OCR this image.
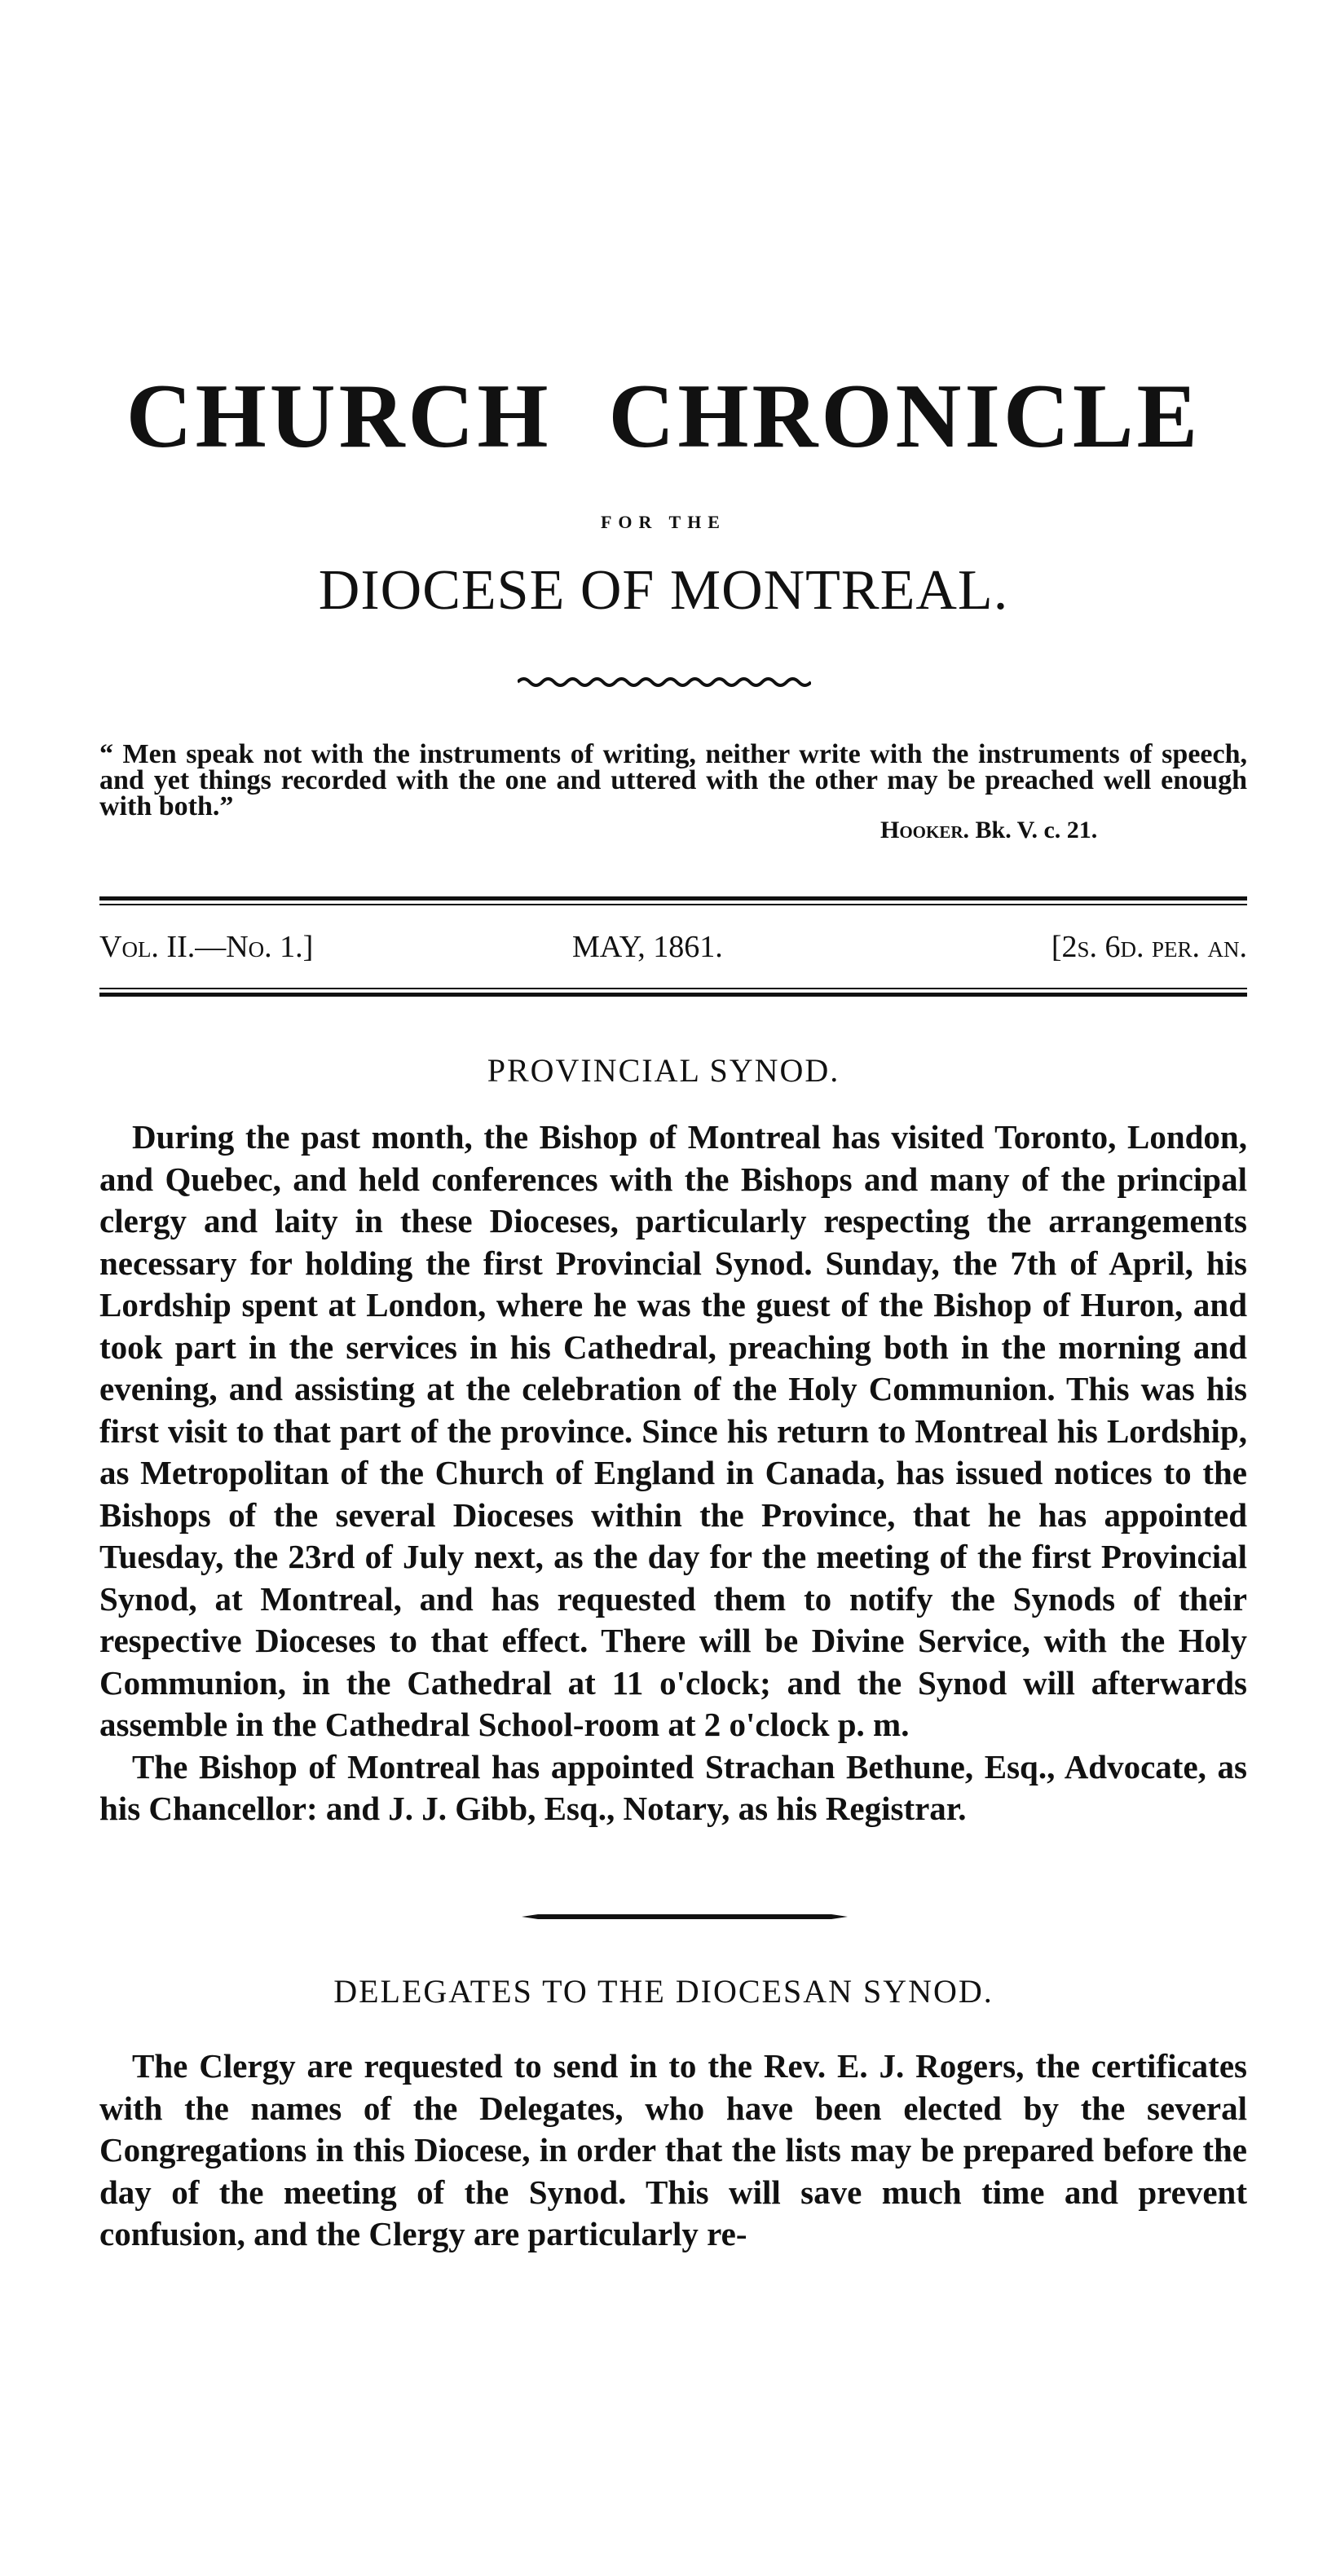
CHURCH CHRONICLE
FOR THE
DIOCESE OF MONTREAL.

“ Men speak not with the instruments of writing, neither write with the instruments of speech, and yet things recorded with the one and uttered with the other may be preached well enough with both.”

Hooker. Bk. V. c. 21.
Vol. II.—No. 1.]	MAY, 1861.	[2s. 6d. per. an.
PROVINCIAL SYNOD.

During the past month, the Bishop of Montreal has visited Toronto, London, and Quebec, and held conferences with the Bishops and many of the principal clergy and laity in these Dioceses, particularly respecting the arrangements necessary for holding the first Provincial Synod. Sunday, the 7th of April, his Lordship spent at London, where he was the guest of the Bishop of Huron, and took part in the services in his Cathedral, preaching both in the morning and evening, and assisting at the celebration of the Holy Communion. This was his first visit to that part of the province. Since his return to Montreal his Lordship, as Metropolitan of the Church of England in Canada, has issued notices to the Bishops of the several Dioceses within the Province, that he has appointed Tuesday, the 23rd of July next, as the day for the meeting of the first Provincial Synod, at Montreal, and has requested them to notify the Synods of their respective Dioceses to that effect. There will be Divine Service, with the Holy Communion, in the Cathedral at 11 o'clock; and the Synod will afterwards assemble in the Cathedral School-room at 2 o'clock p. m.

The Bishop of Montreal has appointed Strachan Bethune, Esq., Advocate, as his Chancellor: and J. J. Gibb, Esq., Notary, as his Registrar.

DELEGATES TO THE DIOCESAN SYNOD.

The Clergy are requested to send in to the Rev. E. J. Rogers, the certificates with the names of the Delegates, who have been elected by the several Congregations in this Diocese, in order that the lists may be prepared before the day of the meeting of the Synod. This will save much time and prevent confusion, and the Clergy are particularly re-
